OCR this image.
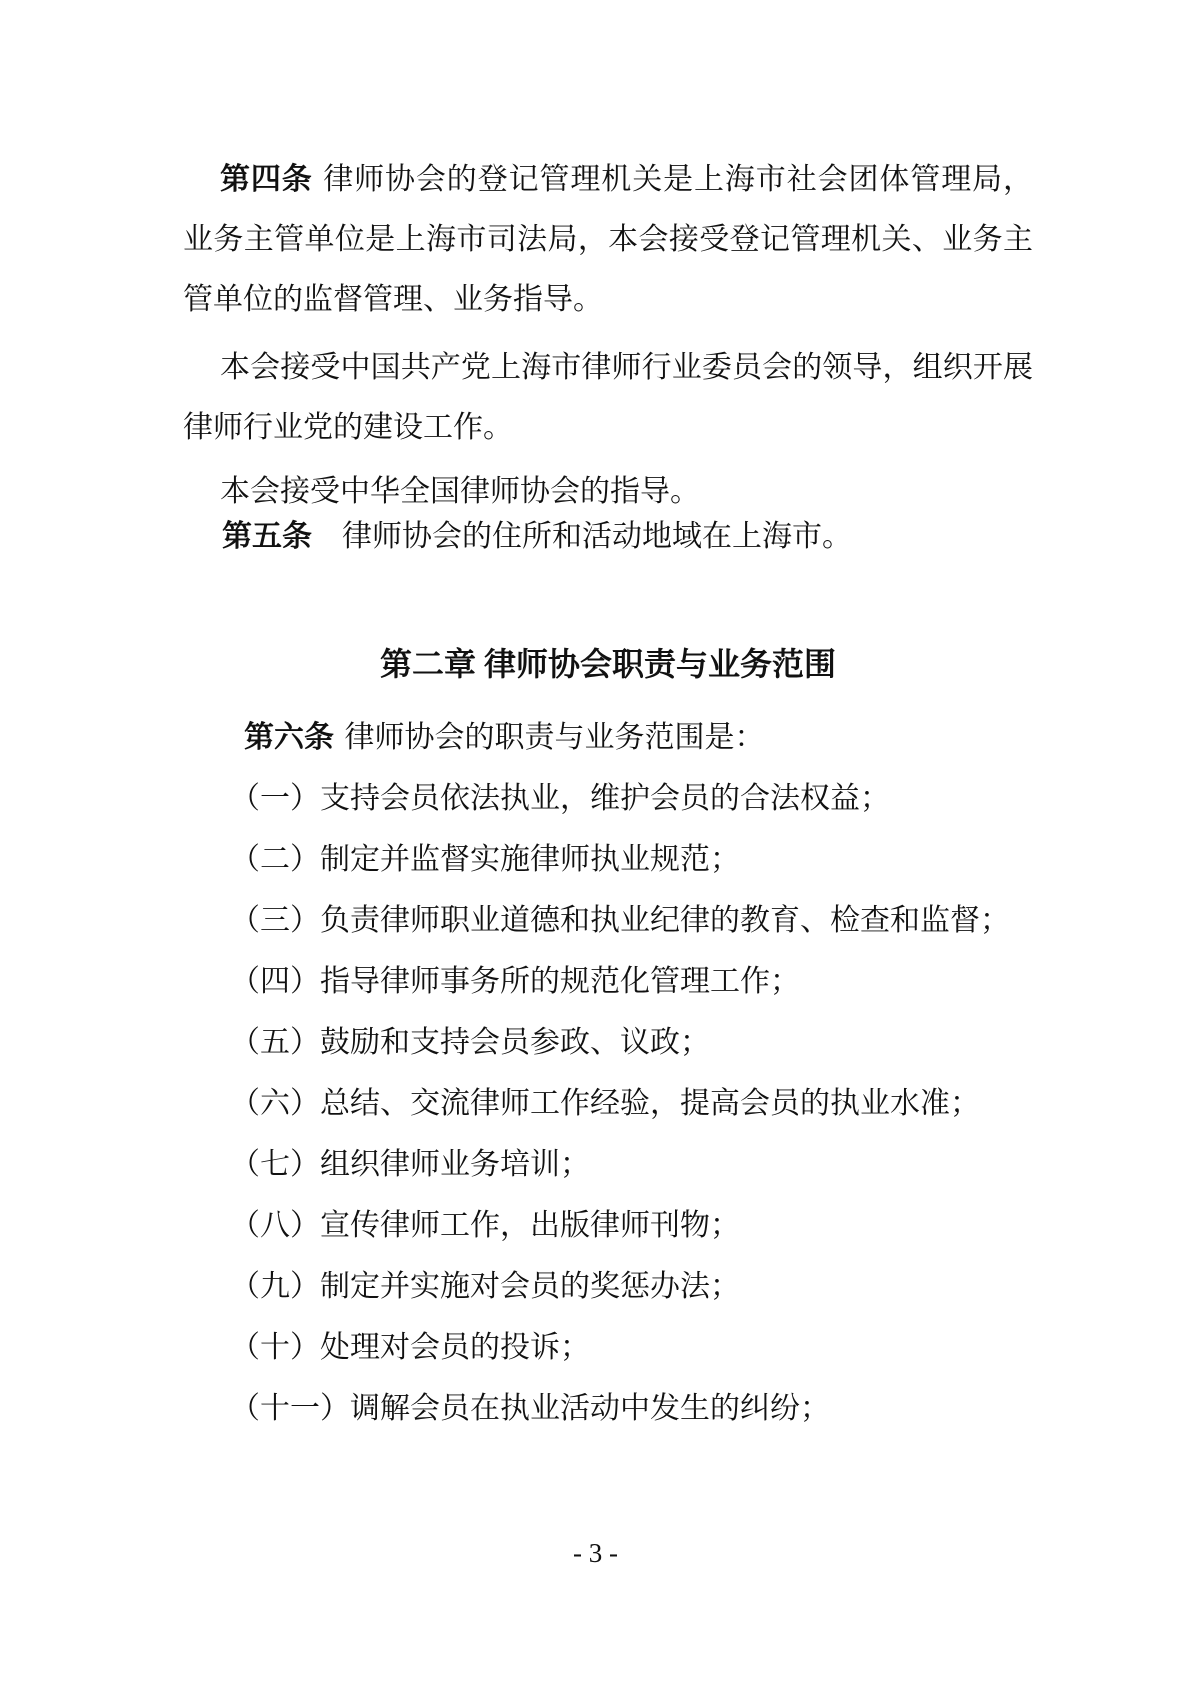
第四条 律师协会的登记管理机关是上海市社会团体管理局，业务主管单位是上海市司法局，本会接受登记管理机关、业务主管单位的监督管理、业务指导。

本会接受中国共产党上海市律师行业委员会的领导，组织开展律师行业党的建设工作。

本会接受中华全国律师协会的指导。

第五条 律师协会的住所和活动地域在上海市。

第二章 律师协会职责与业务范围

第六条 律师协会的职责与业务范围是：

（一）支持会员依法执业，维护会员的合法权益；

（二）制定并监督实施律师执业规范；

（三）负责律师职业道德和执业纪律的教育、检查和监督；

（四）指导律师事务所的规范化管理工作；

（五）鼓励和支持会员参政、议政；

（六）总结、交流律师工作经验，提高会员的执业水准；

（七）组织律师业务培训；

（八）宣传律师工作，出版律师刊物；

（九）制定并实施对会员的奖惩办法；

（十）处理对会员的投诉；

（十一）调解会员在执业活动中发生的纠纷；

- 3 -
